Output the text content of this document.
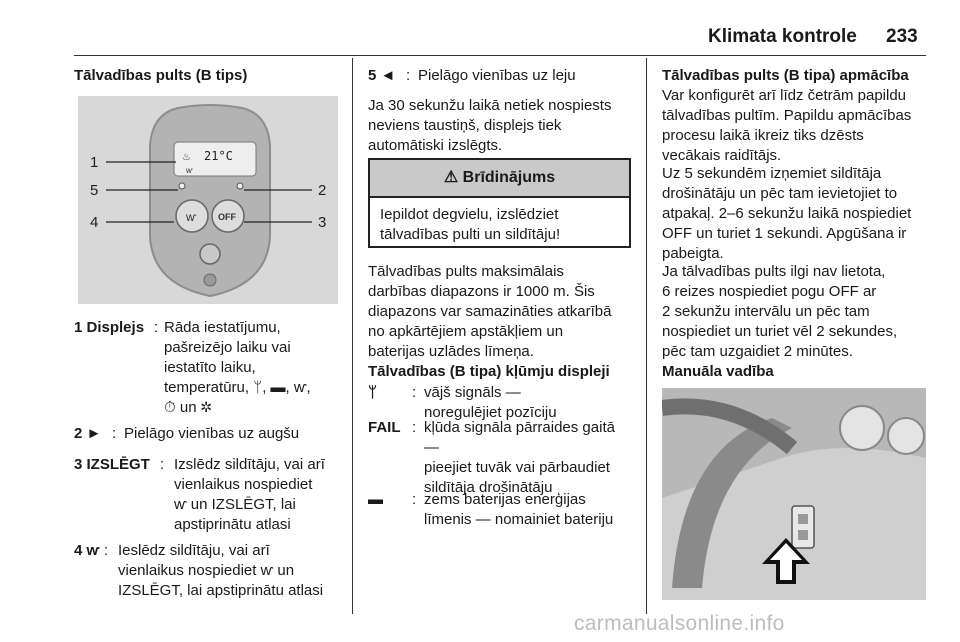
Klimata kontrole 233
Tālvadības pults (B tips)
21°C
♨
ⱳ
ⱳ OFF
1
5
4
2
3
1 Displejs : Rāda iestatījumu,
pašreizējo laiku vai
iestatīto laiku,
temperatūru, ᛘ, ▬, ⱳ,
⏱ un ✲
2 ► : Pielāgo vienības uz augšu
3 IZSLĒGT : Izslēdz sildītāju, vai arī
vienlaikus nospiediet
ⱳ un IZSLĒGT, lai
apstiprinātu atlasi
4 ⱳ : Ieslēdz sildītāju, vai arī
vienlaikus nospiediet ⱳ un
IZSLĒGT, lai apstiprinātu atlasi
5 ◄ : Pielāgo vienības uz leju
Ja 30 sekunžu laikā netiek nospiests
neviens taustiņš, displejs tiek
automātiski izslēgts.
⚠ Brīdinājums
Iepildot degvielu, izslēdziet
tālvadības pulti un sildītāju!
Tālvadības pults maksimālais
darbības diapazons ir 1000 m. Šis
diapazons var samazināties atkarībā
no apkārtējiem apstākļiem un
baterijas uzlādes līmeņa.
Tālvadības (B tipa) kļūmju displeji
ᛘ : vājš signāls —
noregulējiet pozīciju
FAIL : kļūda signāla pārraides gaitā
—
pieejiet tuvāk vai pārbaudiet
sildītāja drošinātāju
▬ : zems baterijas enerģijas
līmenis — nomainiet bateriju
Tālvadības pults (B tipa) apmācība
Var konfigurēt arī līdz četrām papildu
tālvadības pultīm. Papildu apmācības
procesu laikā ikreiz tiks dzēsts
vecākais raidītājs.
Uz 5 sekundēm izņemiet sildītāja
drošinātāju un pēc tam ievietojiet to
atpakaļ. 2–6 sekunžu laikā nospiediet
OFF un turiet 1 sekundi. Apgūšana ir
pabeigta.
Ja tālvadības pults ilgi nav lietota,
6 reizes nospiediet pogu OFF ar
2 sekunžu intervālu un pēc tam
nospiediet un turiet vēl 2 sekundes,
pēc tam uzgaidiet 2 minūtes.
Manuāla vadība
carmanualsonline.info
